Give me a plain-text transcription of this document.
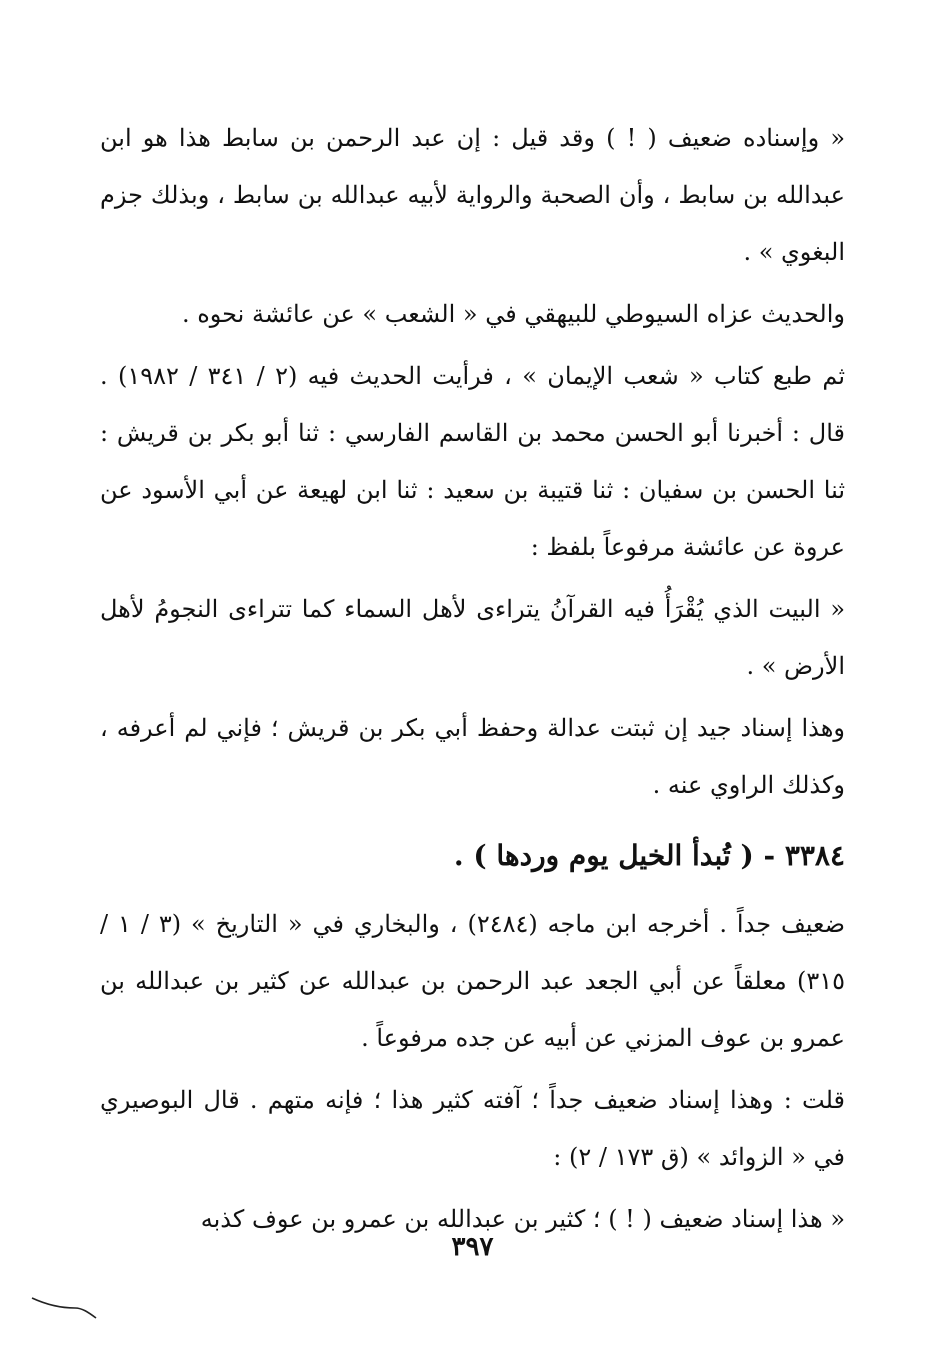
« وإسناده ضعيف ( ! ) وقد قيل : إن عبد الرحمن بن سابط هذا هو ابن عبدالله بن سابط ، وأن الصحبة والرواية لأبيه عبدالله بن سابط ، وبذلك جزم البغوي » .

والحديث عزاه السيوطي للبيهقي في « الشعب » عن عائشة نحوه .

ثم طبع كتاب « شعب الإيمان » ، فرأيت الحديث فيه (٢ / ٣٤١ / ١٩٨٢) . قال : أخبرنا أبو الحسن محمد بن القاسم الفارسي : ثنا أبو بكر بن قريش : ثنا الحسن بن سفيان : ثنا قتيبة بن سعيد : ثنا ابن لهيعة عن أبي الأسود عن عروة عن عائشة مرفوعاً بلفظ :

« البيت الذي يُقْرَأُ فيه القرآنُ يتراءى لأهل السماء كما تتراءى النجومُ لأهل الأرض » .

وهذا إسناد جيد إن ثبتت عدالة وحفظ أبي بكر بن قريش ؛ فإني لم أعرفه ، وكذلك الراوي عنه .

٣٣٨٤ - ( تُبدأ الخيل يوم وردها ) .

ضعيف جداً . أخرجه ابن ماجه (٢٤٨٤) ، والبخاري في « التاريخ » (٣ / ١ / ٣١٥) معلقاً عن أبي الجعد عبد الرحمن بن عبدالله عن كثير بن عبدالله بن عمرو بن عوف المزني عن أبيه عن جده مرفوعاً .

قلت : وهذا إسناد ضعيف جداً ؛ آفته كثير هذا ؛ فإنه متهم . قال البوصيري في « الزوائد » (ق ١٧٣ / ٢) :

« هذا إسناد ضعيف ( ! ) ؛ كثير بن عبدالله بن عمرو بن عوف كذبه

٣٩٧
